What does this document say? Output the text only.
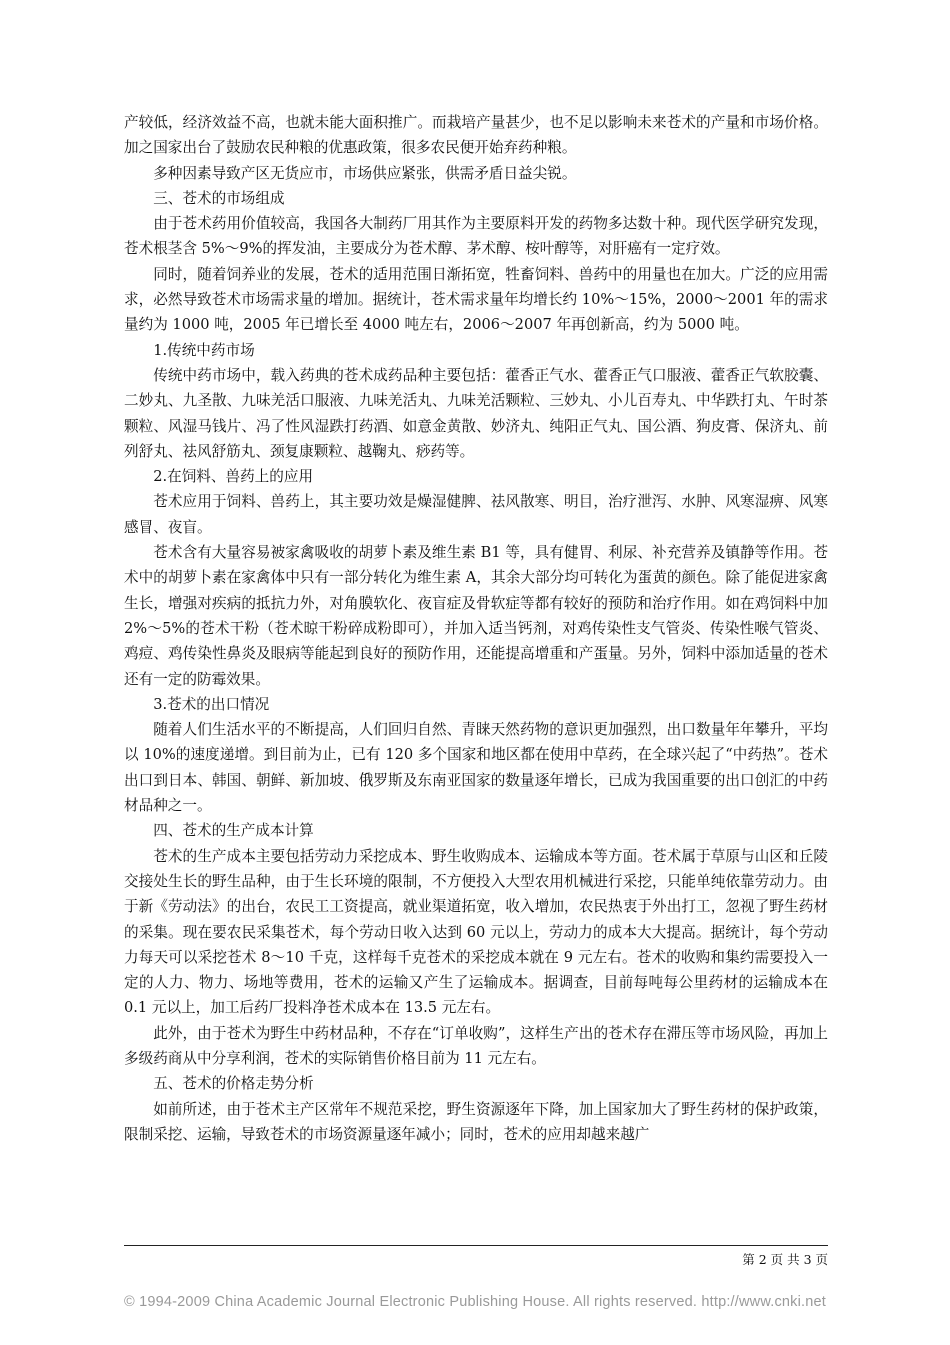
产较低，经济效益不高，也就未能大面积推广。而栽培产量甚少，也不足以影响未来苍术的产量和市场价格。加之国家出台了鼓励农民种粮的优惠政策，很多农民便开始弃药种粮。

多种因素导致产区无货应市，市场供应紧张，供需矛盾日益尖锐。

三、苍术的市场组成

由于苍术药用价值较高，我国各大制药厂用其作为主要原料开发的药物多达数十种。现代医学研究发现，苍术根茎含 5%～9%的挥发油，主要成分为苍术醇、茅术醇、桉叶醇等，对肝癌有一定疗效。

同时，随着饲养业的发展，苍术的适用范围日渐拓宽，牲畜饲料、兽药中的用量也在加大。广泛的应用需求，必然导致苍术市场需求量的增加。据统计，苍术需求量年均增长约 10%～15%，2000～2001 年的需求量约为 1000 吨，2005 年已增长至 4000 吨左右，2006～2007 年再创新高，约为 5000 吨。

1.传统中药市场

传统中药市场中，载入药典的苍术成药品种主要包括：藿香正气水、藿香正气口服液、藿香正气软胶囊、二妙丸、九圣散、九味羌活口服液、九味羌活丸、九味羌活颗粒、三妙丸、小儿百寿丸、中华跌打丸、午时茶颗粒、风湿马钱片、冯了性风湿跌打药酒、如意金黄散、妙济丸、纯阳正气丸、国公酒、狗皮膏、保济丸、前列舒丸、祛风舒筋丸、颈复康颗粒、越鞠丸、痧药等。

2.在饲料、兽药上的应用

苍术应用于饲料、兽药上，其主要功效是燥湿健脾、祛风散寒、明目，治疗泄泻、水肿、风寒湿痹、风寒感冒、夜盲。

苍术含有大量容易被家禽吸收的胡萝卜素及维生素 B1 等，具有健胃、利尿、补充营养及镇静等作用。苍术中的胡萝卜素在家禽体中只有一部分转化为维生素 A，其余大部分均可转化为蛋黄的颜色。除了能促进家禽生长，增强对疾病的抵抗力外，对角膜软化、夜盲症及骨软症等都有较好的预防和治疗作用。如在鸡饲料中加 2%～5%的苍术干粉（苍术晾干粉碎成粉即可），并加入适当钙剂，对鸡传染性支气管炎、传染性喉气管炎、鸡痘、鸡传染性鼻炎及眼病等能起到良好的预防作用，还能提高增重和产蛋量。另外，饲料中添加适量的苍术还有一定的防霉效果。

3.苍术的出口情况

随着人们生活水平的不断提高，人们回归自然、青睐天然药物的意识更加强烈，出口数量年年攀升，平均以 10%的速度递增。到目前为止，已有 120 多个国家和地区都在使用中草药，在全球兴起了“中药热”。苍术出口到日本、韩国、朝鲜、新加坡、俄罗斯及东南亚国家的数量逐年增长，已成为我国重要的出口创汇的中药材品种之一。

四、苍术的生产成本计算

苍术的生产成本主要包括劳动力采挖成本、野生收购成本、运输成本等方面。苍术属于草原与山区和丘陵交接处生长的野生品种，由于生长环境的限制，不方便投入大型农用机械进行采挖，只能单纯依靠劳动力。由于新《劳动法》的出台，农民工工资提高，就业渠道拓宽，收入增加，农民热衷于外出打工，忽视了野生药材的采集。现在要农民采集苍术，每个劳动日收入达到 60 元以上，劳动力的成本大大提高。据统计，每个劳动力每天可以采挖苍术 8～10 千克，这样每千克苍术的采挖成本就在 9 元左右。苍术的收购和集约需要投入一定的人力、物力、场地等费用，苍术的运输又产生了运输成本。据调查，目前每吨每公里药材的运输成本在 0.1 元以上，加工后药厂投料净苍术成本在 13.5 元左右。

此外，由于苍术为野生中药材品种，不存在“订单收购”，这样生产出的苍术存在滞压等市场风险，再加上多级药商从中分享利润，苍术的实际销售价格目前为 11 元左右。

五、苍术的价格走势分析

如前所述，由于苍术主产区常年不规范采挖，野生资源逐年下降，加上国家加大了野生药材的保护政策，限制采挖、运输，导致苍术的市场资源量逐年减小；同时，苍术的应用却越来越广

第 2 页 共 3 页
© 1994-2009 China Academic Journal Electronic Publishing House. All rights reserved. http://www.cnki.net
